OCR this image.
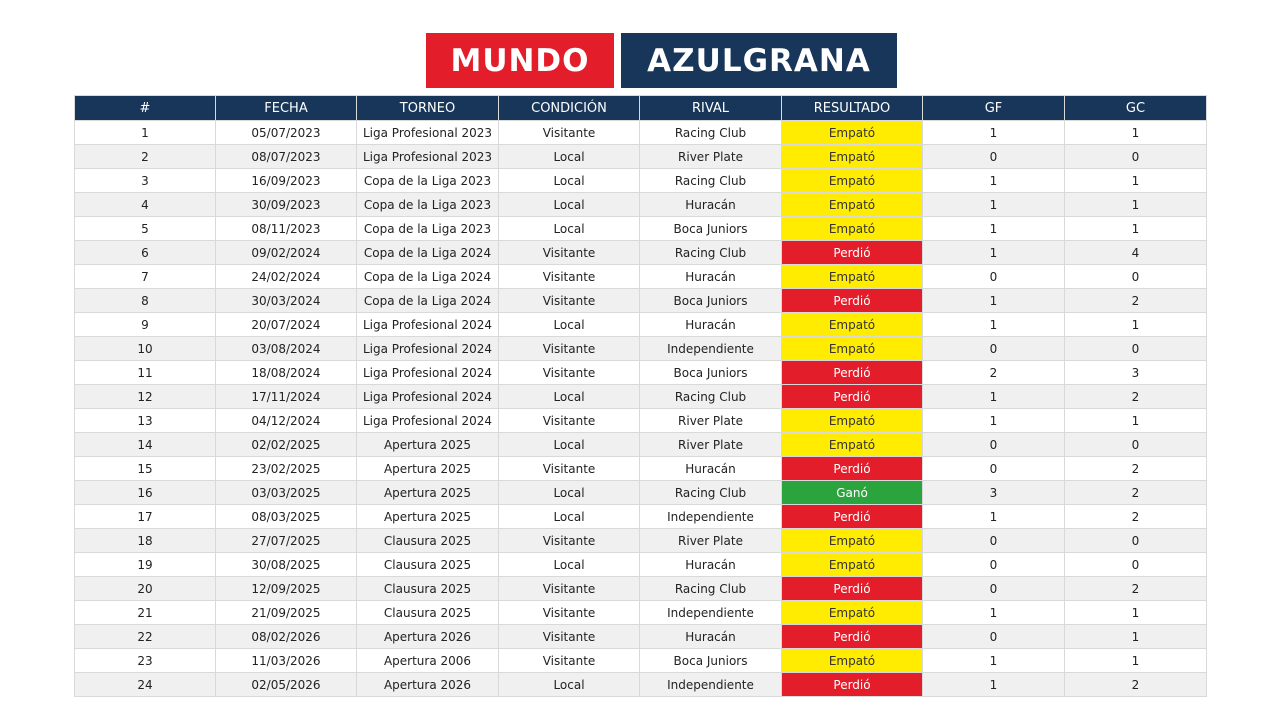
MUNDO	AZULGRANA
#	FECHA	TORNEO	CONDICIÓN	RIVAL	RESULTADO	GF	GC
1	05/07/2023	Liga Profesional 2023	Visitante	Racing Club	Empató	1	1
2	08/07/2023	Liga Profesional 2023	Local	River Plate	Empató	0	0
3	16/09/2023	Copa de la Liga 2023	Local	Racing Club	Empató	1	1
4	30/09/2023	Copa de la Liga 2023	Local	Huracán	Empató	1	1
5	08/11/2023	Copa de la Liga 2023	Local	Boca Juniors	Empató	1	1
6	09/02/2024	Copa de la Liga 2024	Visitante	Racing Club	Perdió	1	4
7	24/02/2024	Copa de la Liga 2024	Visitante	Huracán	Empató	0	0
8	30/03/2024	Copa de la Liga 2024	Visitante	Boca Juniors	Perdió	1	2
9	20/07/2024	Liga Profesional 2024	Local	Huracán	Empató	1	1
10	03/08/2024	Liga Profesional 2024	Visitante	Independiente	Empató	0	0
11	18/08/2024	Liga Profesional 2024	Visitante	Boca Juniors	Perdió	2	3
12	17/11/2024	Liga Profesional 2024	Local	Racing Club	Perdió	1	2
13	04/12/2024	Liga Profesional 2024	Visitante	River Plate	Empató	1	1
14	02/02/2025	Apertura 2025	Local	River Plate	Empató	0	0
15	23/02/2025	Apertura 2025	Visitante	Huracán	Perdió	0	2
16	03/03/2025	Apertura 2025	Local	Racing Club	Ganó	3	2
17	08/03/2025	Apertura 2025	Local	Independiente	Perdió	1	2
18	27/07/2025	Clausura 2025	Visitante	River Plate	Empató	0	0
19	30/08/2025	Clausura 2025	Local	Huracán	Empató	0	0
20	12/09/2025	Clausura 2025	Visitante	Racing Club	Perdió	0	2
21	21/09/2025	Clausura 2025	Visitante	Independiente	Empató	1	1
22	08/02/2026	Apertura 2026	Visitante	Huracán	Perdió	0	1
23	11/03/2026	Apertura 2006	Visitante	Boca Juniors	Empató	1	1
24	02/05/2026	Apertura 2026	Local	Independiente	Perdió	1	2
